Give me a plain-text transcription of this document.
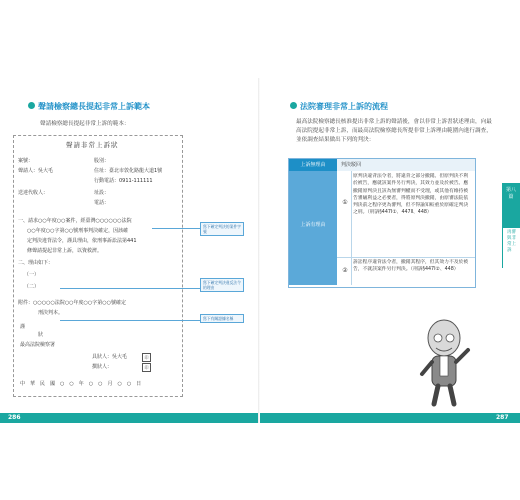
聲請檢察總長提起非常上訴範本
聲請檢察總長提起非常上訴的範本：
聲請非常上訴狀
案號：	股別：
聲請人：吳大毛	住址：臺北市敦化路龍大道1號
行動電話：0911-111111
送達代收人：	址設：
電話：
一、請求○○年度○○案件，經臺灣○○○○○○法院
○○年度○○字第○○號刑事判決確定，因該確
定判決違背法令，謹具理由，依刑事訴訟法第441
條聲請提起非常上訴，以資救濟。
二、理由如下：
（一）
（二）
附件：○○○○○法院○○年度○○字第○○號確定
刑決判本。
謹
狀
最高法院檢察署
具狀人：吳大毛	印
撰狀人：	印
中　華　民　國　○　○　年　○　○　月　○　○　日
寫下確定判決的案件字號
寫下確定判決違反法令的理由
寫下有關證據名稱
286
法院審理非常上訴的流程
最高法院檢察總長核准提出非常上訴的聲請後，會以非常上訴書狀述理由，向最高法院提起非常上訴，而最高法院檢察總長所提非常上訴理由範圍內進行調查，並依調查結果做出下列的判決：
上訴無理由	判決駁回
上訴有理由
①
原判決違背法令者，將違背之部分撤銷。但原判決不利於被告，應就該案件另行判決，其效力並及於被告。應撤銷原判決且該為無審判權而不受理，或其他有維持被告審級利益之必要者，得將原判決撤銷，由原審法院依判決前之程序更為審判，但不得諭知較重於原確定判決之刑。（刑訴§447Ⅰ①、447Ⅱ、448）
②
訴訟程序違背法令者，撤銷其程序，但其效力不及於被告，不就該案件另行判決。（刑訴§447Ⅰ②、448）
287
第八篇
再審與非常上訴
